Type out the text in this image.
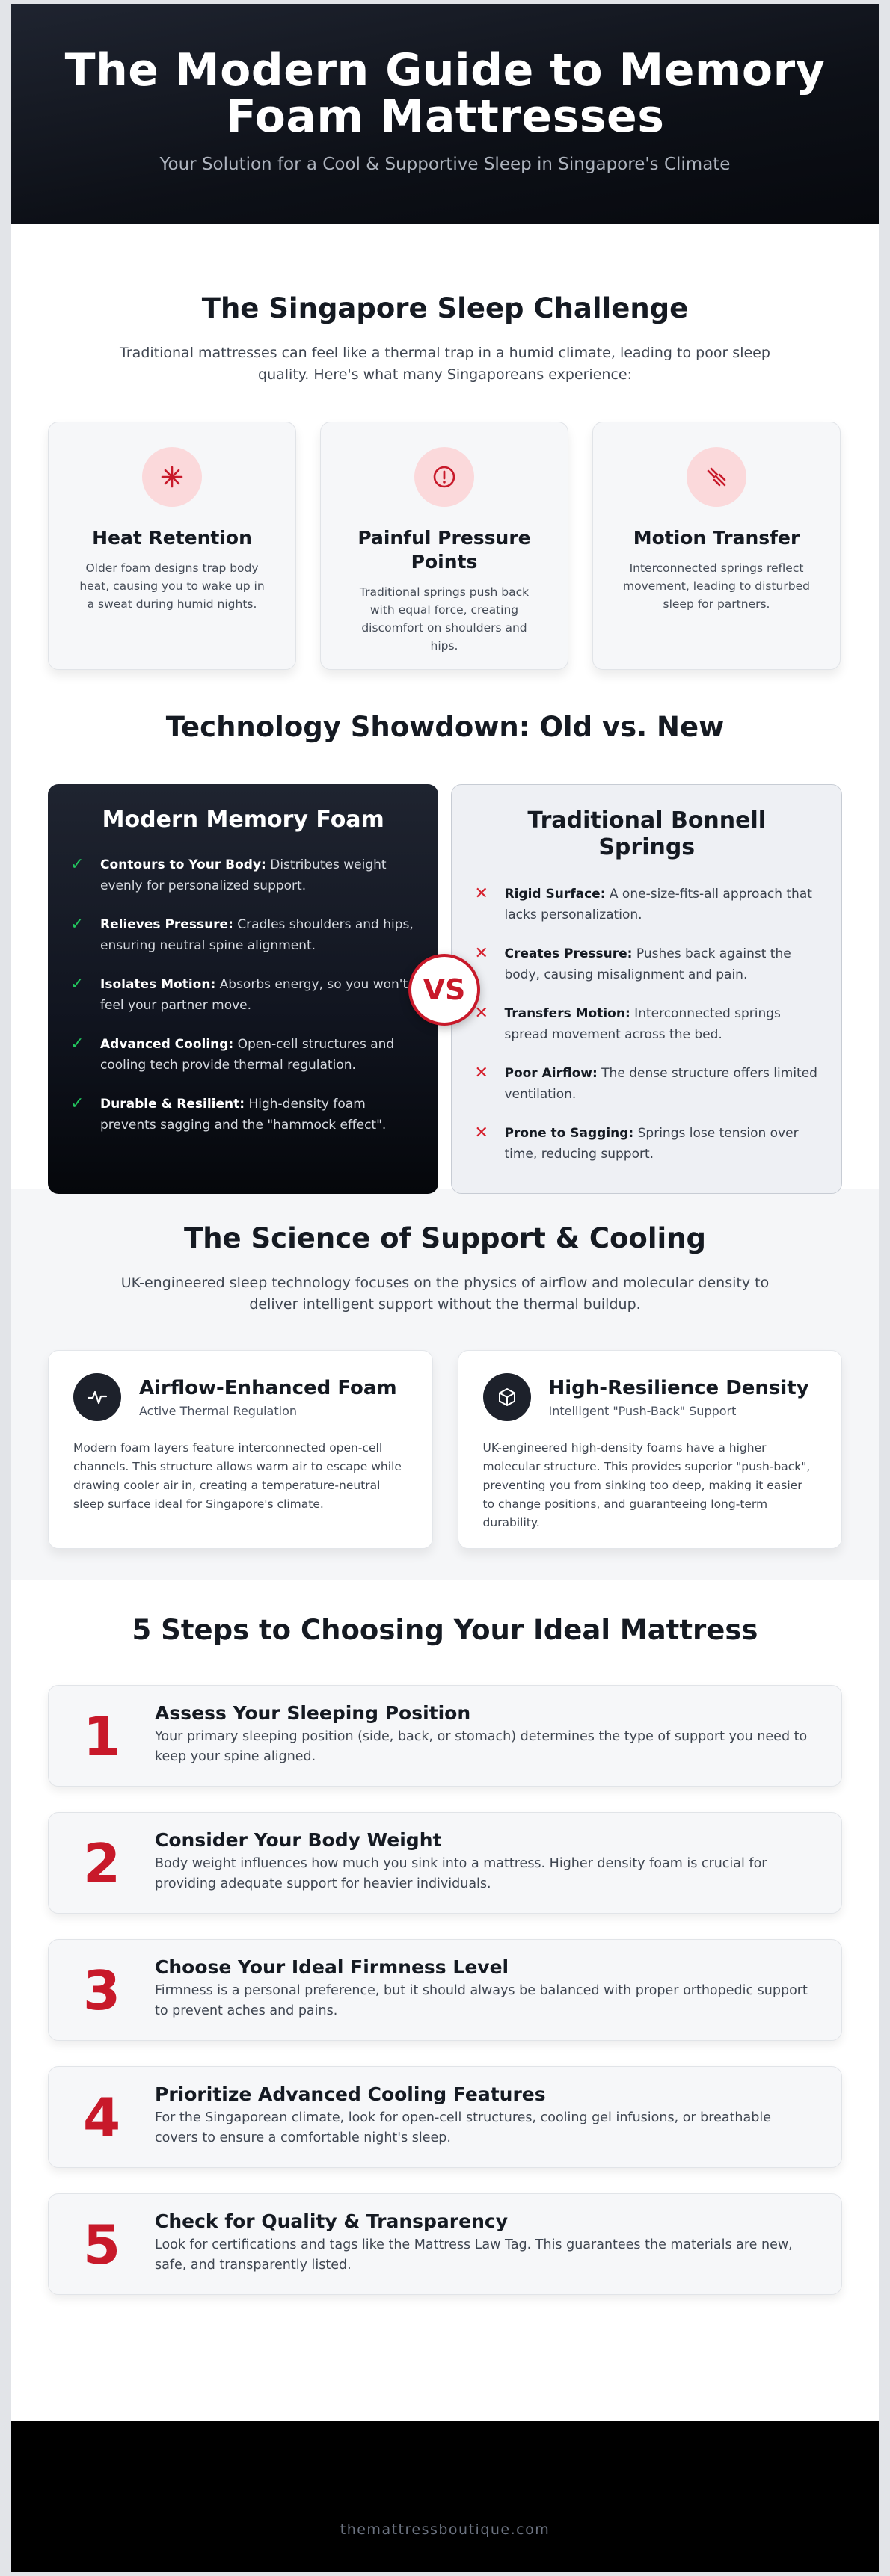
The Modern Guide to Memory
Foam Mattresses

Your Solution for a Cool & Supportive Sleep in Singapore's Climate

The Singapore Sleep Challenge

Traditional mattresses can feel like a thermal trap in a humid climate, leading to poor sleep quality. Here's what many Singaporeans experience:

Heat Retention

Older foam designs trap body heat, causing you to wake up in a sweat during humid nights.

Painful Pressure Points

Traditional springs push back with equal force, creating discomfort on shoulders and hips.

Motion Transfer

Interconnected springs reflect movement, leading to disturbed sleep for partners.

Technology Showdown: Old vs. New
Modern Memory Foam
✓	Contours to Your Body: Distributes weight evenly for personalized support.
✓	Relieves Pressure: Cradles shoulders and hips, ensuring neutral spine alignment.
✓	Isolates Motion: Absorbs energy, so you won't feel your partner move.
✓	Advanced Cooling: Open-cell structures and cooling tech provide thermal regulation.
✓	Durable & Resilient: High-density foam prevents sagging and the "hammock effect".
Traditional Bonnell Springs
✕	Rigid Surface: A one-size-fits-all approach that lacks personalization.
✕	Creates Pressure: Pushes back against the body, causing misalignment and pain.
✕	Transfers Motion: Interconnected springs spread movement across the bed.
✕	Poor Airflow: The dense structure offers limited ventilation.
✕	Prone to Sagging: Springs lose tension over time, reducing support.
VS
The Science of Support & Cooling

UK-engineered sleep technology focuses on the physics of airflow and molecular density to deliver intelligent support without the thermal buildup.

Airflow-Enhanced Foam
Active Thermal Regulation

Modern foam layers feature interconnected open-cell channels. This structure allows warm air to escape while drawing cooler air in, creating a temperature-neutral sleep surface ideal for Singapore's climate.

High-Resilience Density
Intelligent "Push-Back" Support

UK-engineered high-density foams have a higher molecular structure. This provides superior "push-back", preventing you from sinking too deep, making it easier to change positions, and guaranteeing long-term durability.

5 Steps to Choosing Your Ideal Mattress
1	Assess Your Sleeping Position

Your primary sleeping position (side, back, or stomach) determines the type of support you need to keep your spine aligned.

2	Consider Your Body Weight

Body weight influences how much you sink into a mattress. Higher density foam is crucial for providing adequate support for heavier individuals.

3	Choose Your Ideal Firmness Level

Firmness is a personal preference, but it should always be balanced with proper orthopedic support to prevent aches and pains.

4	Prioritize Advanced Cooling Features

For the Singaporean climate, look for open-cell structures, cooling gel infusions, or breathable covers to ensure a comfortable night's sleep.

5	Check for Quality & Transparency

Look for certifications and tags like the Mattress Law Tag. This guarantees the materials are new, safe, and transparently listed.

themattressboutique.com
